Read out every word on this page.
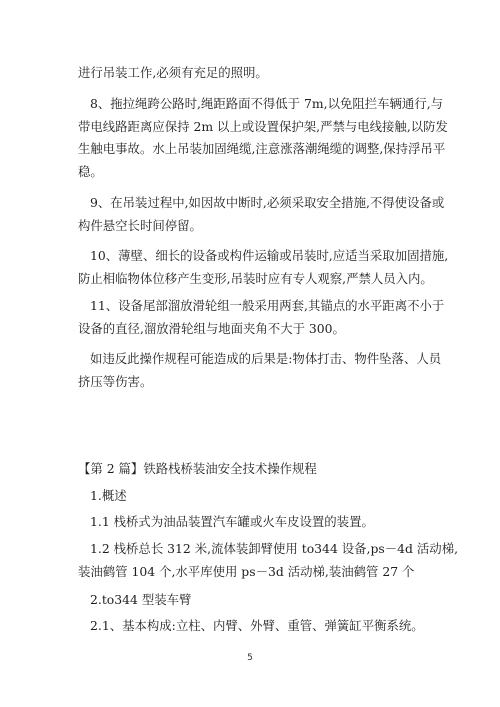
进行吊装工作,必须有充足的照明。

8、拖拉绳跨公路时,绳距路面不得低于 7m,以免阻拦车辆通行,与
带电线路距离应保持 2m 以上或设置保护架,严禁与电线接触,以防发
生触电事故。水上吊装加固绳缆,注意涨落潮绳缆的调整,保持浮吊平
稳。

9、在吊装过程中,如因故中断时,必须采取安全措施,不得使设备或
构件悬空长时间停留。

10、薄壁、细长的设备或构件运输或吊装时,应适当采取加固措施,
防止相临物体位移产生变形,吊装时应有专人观察,严禁人员入内。

11、设备尾部溜放滑轮组一般采用两套,其锚点的水平距离不小于
设备的直径,溜放滑轮组与地面夹角不大于 300。

如违反此操作规程可能造成的后果是:物体打击、物件坠落、人员
挤压等伤害。

【第 2 篇】铁路栈桥装油安全技术操作规程

1.概述

1.1 栈桥式为油品装置汽车罐或火车皮设置的装置。

1.2 栈桥总长 312 米,流体装卸臂使用 to344 设备,ps－4d 活动梯,
装油鹤管 104 个,水平库使用 ps－3d 活动梯,装油鹤管 27 个

2.to344 型装车臂

2.1、基本构成:立柱、内臂、外臂、重管、弹簧缸平衡系统。

5
